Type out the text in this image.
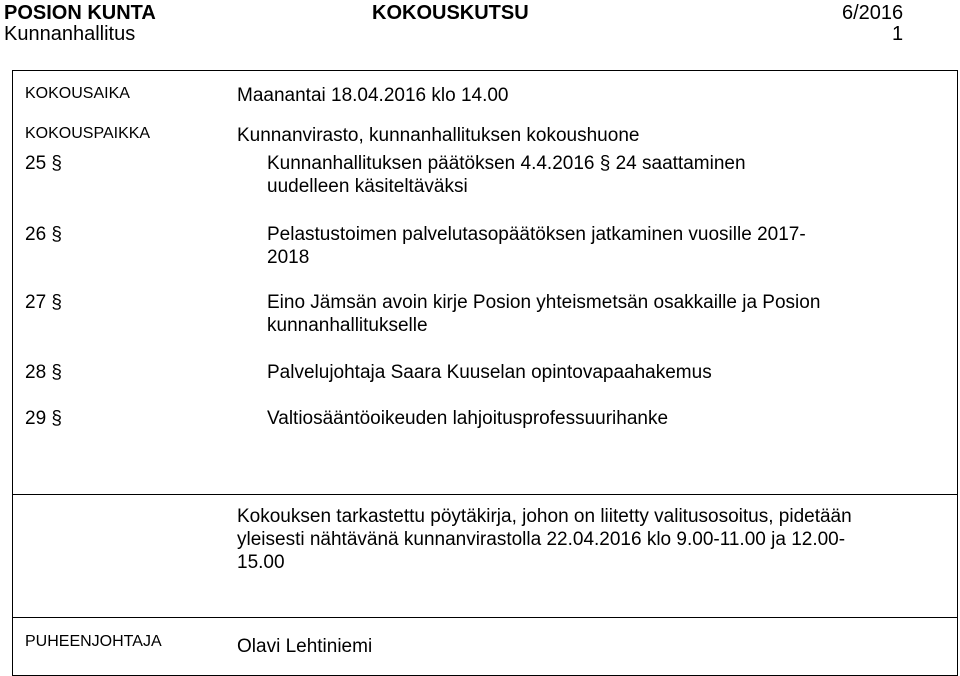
POSION KUNTA	KOKOUSKUTSU	6/2016
Kunnanhallitus	1
KOKOUSAIKA	Maanantai 18.04.2016 klo 14.00
KOKOUSPAIKKA	Kunnanvirasto, kunnanhallituksen kokoushuone
25 §	Kunnanhallituksen päätöksen 4.4.2016 § 24 saattaminen
uudelleen käsiteltäväksi
26 §	Pelastustoimen palvelutasopäätöksen jatkaminen vuosille 2017-
2018
27 §	Eino Jämsän avoin kirje Posion yhteismetsän osakkaille ja Posion
kunnanhallitukselle
28 §	Palvelujohtaja Saara Kuuselan opintovapaahakemus
29 §	Valtiosääntöoikeuden lahjoitusprofessuurihanke
Kokouksen tarkastettu pöytäkirja, johon on liitetty valitusosoitus, pidetään
yleisesti nähtävänä kunnanvirastolla 22.04.2016 klo 9.00-11.00 ja 12.00-
15.00
PUHEENJOHTAJA	Olavi Lehtiniemi
